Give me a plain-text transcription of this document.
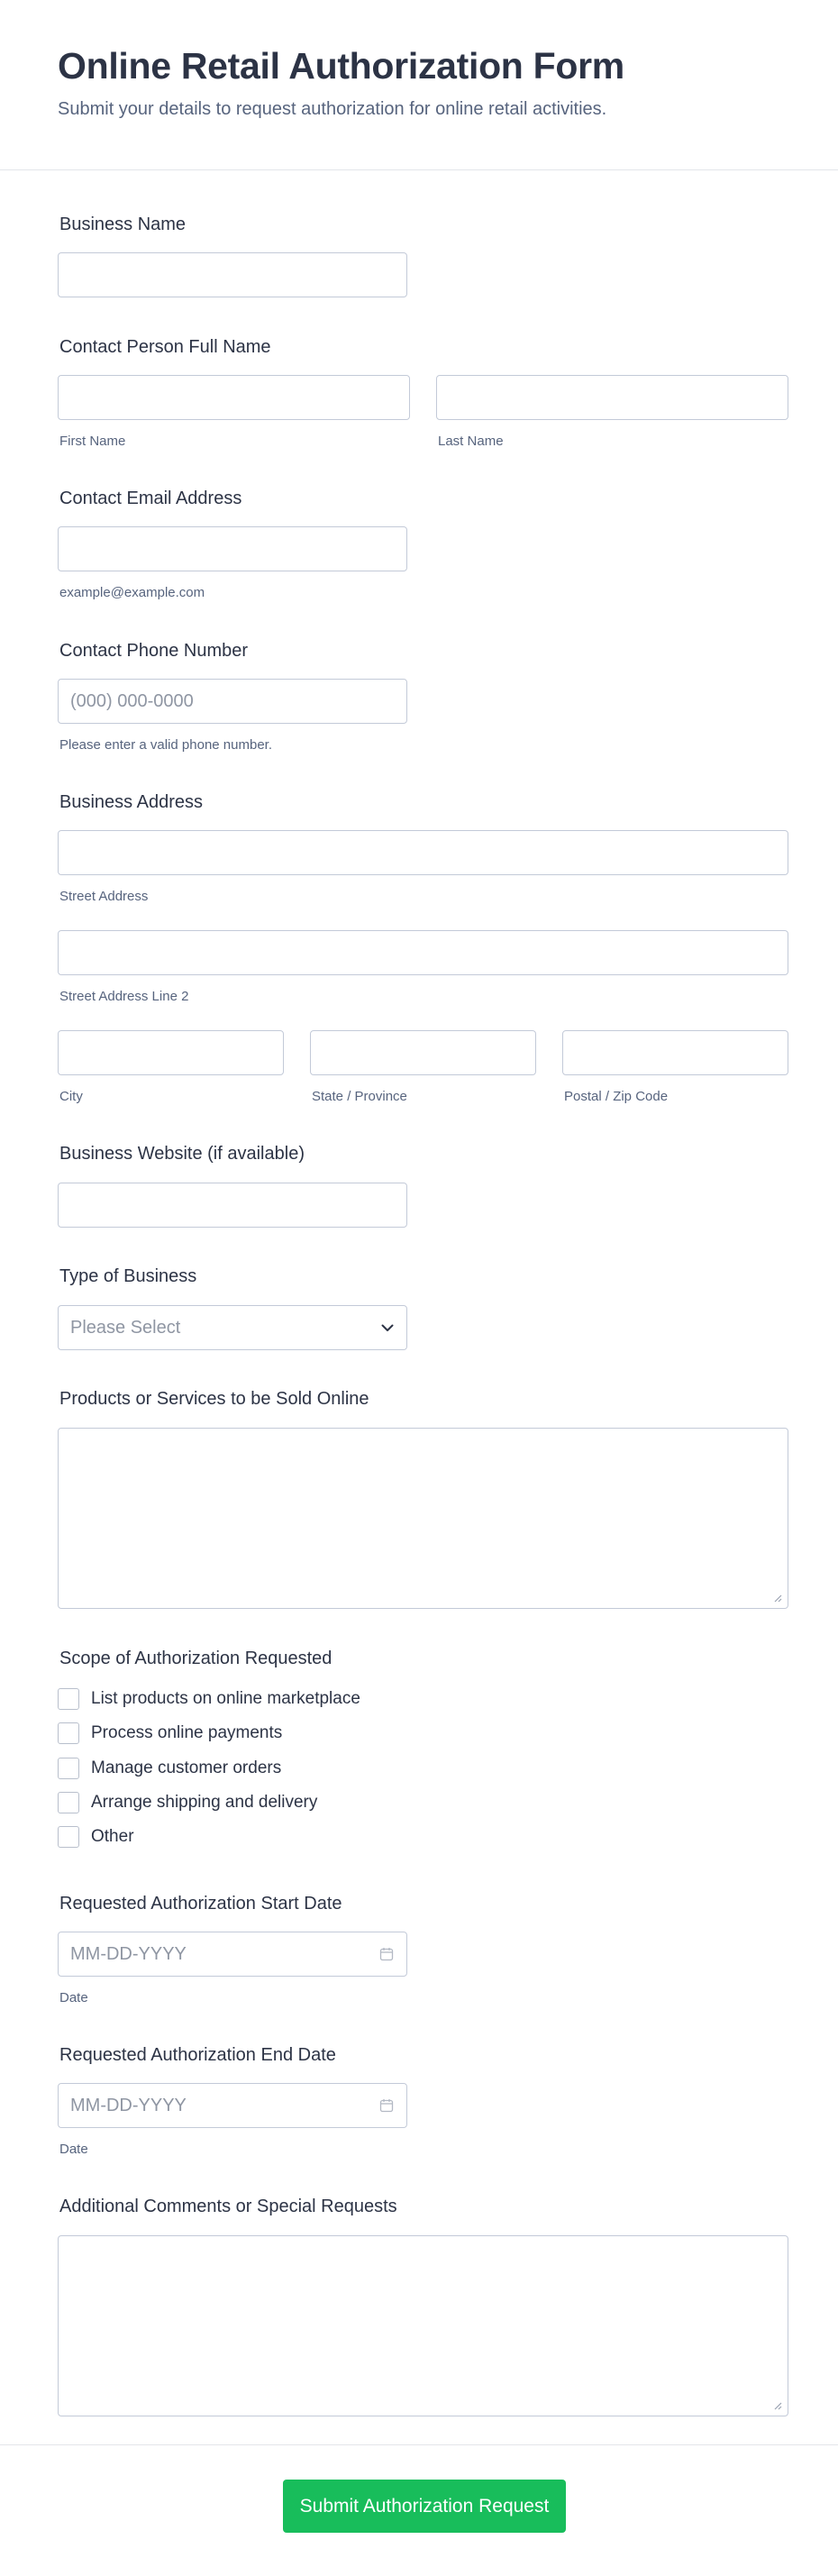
Online Retail Authorization Form
Submit your details to request authorization for online retail activities.
Business Name
Contact Person Full Name
First Name	Last Name
Contact Email Address
example@example.com
Contact Phone Number
(000) 000-0000
Please enter a valid phone number.
Business Address
Street Address
Street Address Line 2
City	State / Province	Postal / Zip Code
Business Website (if available)
Type of Business
Please Select
Products or Services to be Sold Online
Scope of Authorization Requested
List products on online marketplace
Process online payments
Manage customer orders
Arrange shipping and delivery
Other
Requested Authorization Start Date
MM-DD-YYYY
Date
Requested Authorization End Date
MM-DD-YYYY
Date
Additional Comments or Special Requests
Submit Authorization Request
